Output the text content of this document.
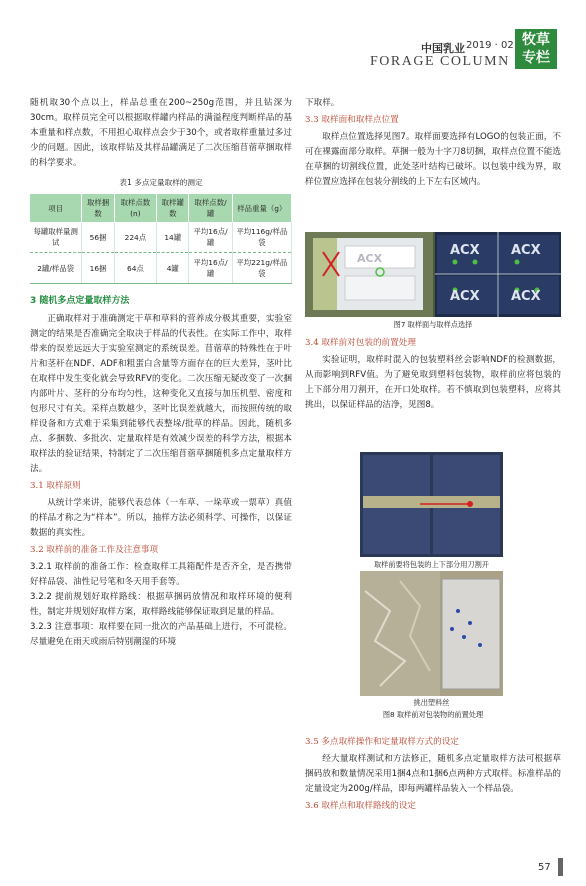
中国乳业 2019 · 02
FORAGE COLUMN
牧草
专栏

随机取30个点以上，样品总重在200~250g范围，并且钻深为30cm。取样员完全可以根据取样罐内样品的满溢程度判断样品的基本重量和样点数，不用担心取样点会少于30个，或者取样重量过多过少的问题。因此，该取样钻及其样品罐满足了二次压缩苜蓿草捆取样的科学要求。

表1 多点定量取样的测定
项目	取样捆数	取样点数(n)	取样罐数	取样点数/罐	样品重量（g）
每罐取样量测试	56捆	224点	14罐	平均16点/罐	平均116g/样品袋
2罐/样品袋	16捆	64点	4罐	平均16点/罐	平均221g/样品袋
3 随机多点定量取样方法

正确取样对于准确测定干草和草料的营养成分极其重要，实验室测定的结果是否准确完全取决于样品的代表性。在实际工作中，取样带来的误差远远大于实验室测定的系统误差。苜蓿草的特殊性在于叶片和茎秆在NDF、ADF和粗蛋白含量等方面存在的巨大差异，茎叶比在取样中发生变化就会导致RFV的变化。二次压缩无疑改变了一次捆内部叶片、茎秆的分布均匀性，这种变化又直接与加压机型、密度和包形尺寸有关。采样点数越少，茎叶比误差就越大，而按照传统的取样设备和方式难于采集到能够代表整垛/批草的样品。因此，随机多点、多捆数、多批次、定量取样是有效减少误差的科学方法，根据本取样法的验证结果，特制定了二次压缩苜蓿草捆随机多点定量取样方法。

3.1 取样原则

从统计学来讲，能够代表总体（一车草、一垛草或一票草）真值的样品才称之为“样本”。所以，抽样方法必须科学、可操作，以保证数据的真实性。

3.2 取样前的准备工作及注意事项

3.2.1 取样前的准备工作：检查取样工具箱配件是否齐全，是否携带好样品袋、油性记号笔和冬天用手套等。

3.2.2 提前规划好取样路线：根据草捆码放情况和取样环境的便利性，制定并规划好取样方案，取样路线能够保证取到足量的样品。

3.2.3 注意事项：取样要在同一批次的产品基础上进行，不可混检。尽量避免在雨天或雨后特别潮湿的环境

下取样。

3.3 取样面和取样点位置

取样点位置选择见图7。取样面要选择有LOGO的包装正面，不可在裸露面部分取样。草捆一般为十字刀8切捆，取样点位置不能选在草捆的切割线位置，此处茎叶结构已破坏。以包装中线为界，取样位置应选择在包装分割线的上下左右区域内。

ACX
ACX ACX
ACX ACX
图7 取样面与取样点选择
3.4 取样前对包装的前置处理

实验证明，取样时混入的包装塑料丝会影响NDF的检测数据，从而影响到RFV值。为了避免取到塑料包装物，取样前应将包装的上下部分用刀割开，在开口处取样。若不慎取到包装塑料，应将其挑出，以保证样品的洁净，见图8。

取样前要将包装的上下部分用刀割开
挑出塑料丝
图8 取样前对包装物的前置处理
3.5 多点取样操作和定量取样方式的设定

经大量取样测试和方法修正，随机多点定量取样方法可根据草捆码放和数量情况采用1捆4点和1捆6点两种方式取样。标准样品的定量设定为200g/样品，即每两罐样品装入一个样品袋。

3.6 取样点和取样路线的设定
57
